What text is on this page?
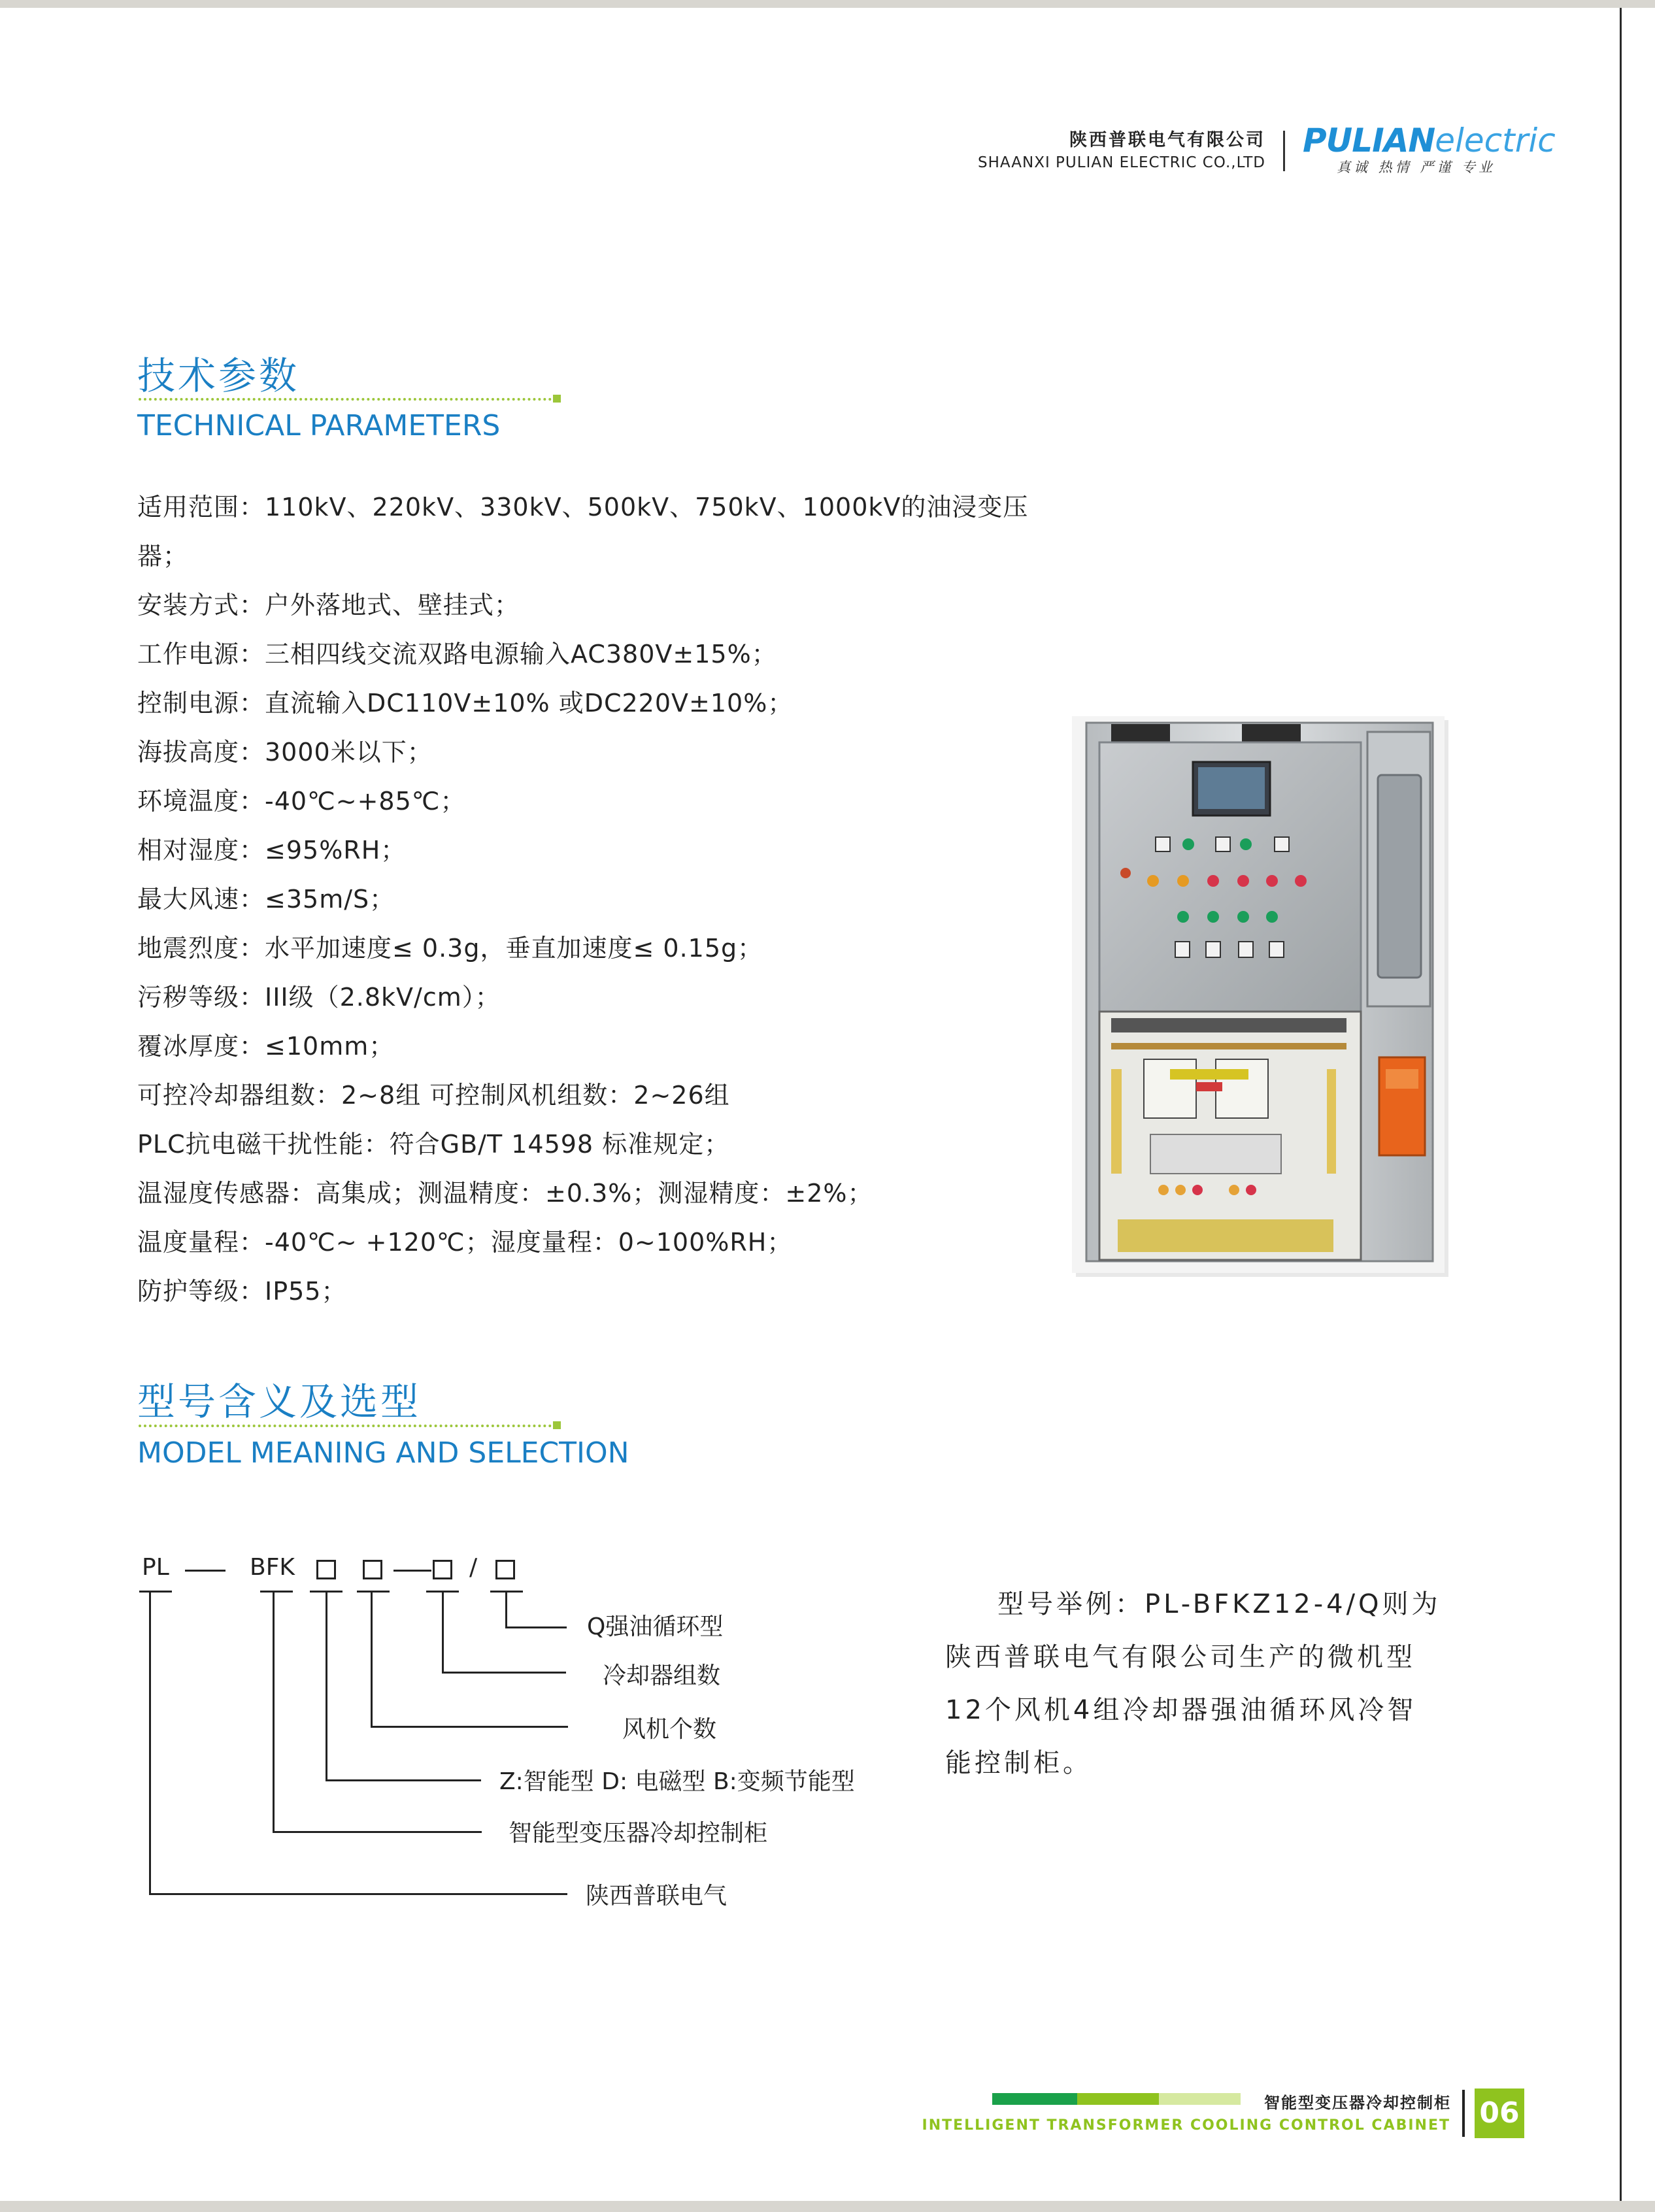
陕西普联电气有限公司
SHAANXI PULIAN ELECTRIC CO.,LTD
PULIANelectric
真诚 热情 严谨 专业
技术参数
TECHNICAL PARAMETERS
适用范围：110kV、220kV、330kV、500kV、750kV、1000kV的油浸变压
器；
安装方式：户外落地式、壁挂式；
工作电源：三相四线交流双路电源输入AC380V±15%；
控制电源：直流输入DC110V±10% 或DC220V±10%；
海拔高度：3000米以下；
环境温度：-40℃~+85℃；
相对湿度：≤95%RH；
最大风速：≤35m/S；
地震烈度：水平加速度≤ 0.3g，垂直加速度≤ 0.15g；
污秽等级：III级（2.8kV/cm）；
覆冰厚度：≤10mm；
可控冷却器组数：2~8组 可控制风机组数：2~26组
PLC抗电磁干扰性能：符合GB/T 14598 标准规定；
温湿度传感器：高集成；测温精度：±0.3%；测湿精度：±2%；
温度量程：-40℃~ +120℃；湿度量程：0~100%RH；
防护等级：IP55；
型号含义及选型
MODEL MEANING AND SELECTION
PL	BFK	/
Q强油循环型
冷却器组数
风机个数
Z:智能型 D: 电磁型 B:变频节能型
智能型变压器冷却控制柜
陕西普联电气
型号举例：PL-BFKZ12-4/Q则为陕西普联电气有限公司生产的微机型12个风机4组冷却器强油循环风冷智能控制柜。
智能型变压器冷却控制柜
INTELLIGENT TRANSFORMER COOLING CONTROL CABINET 06
